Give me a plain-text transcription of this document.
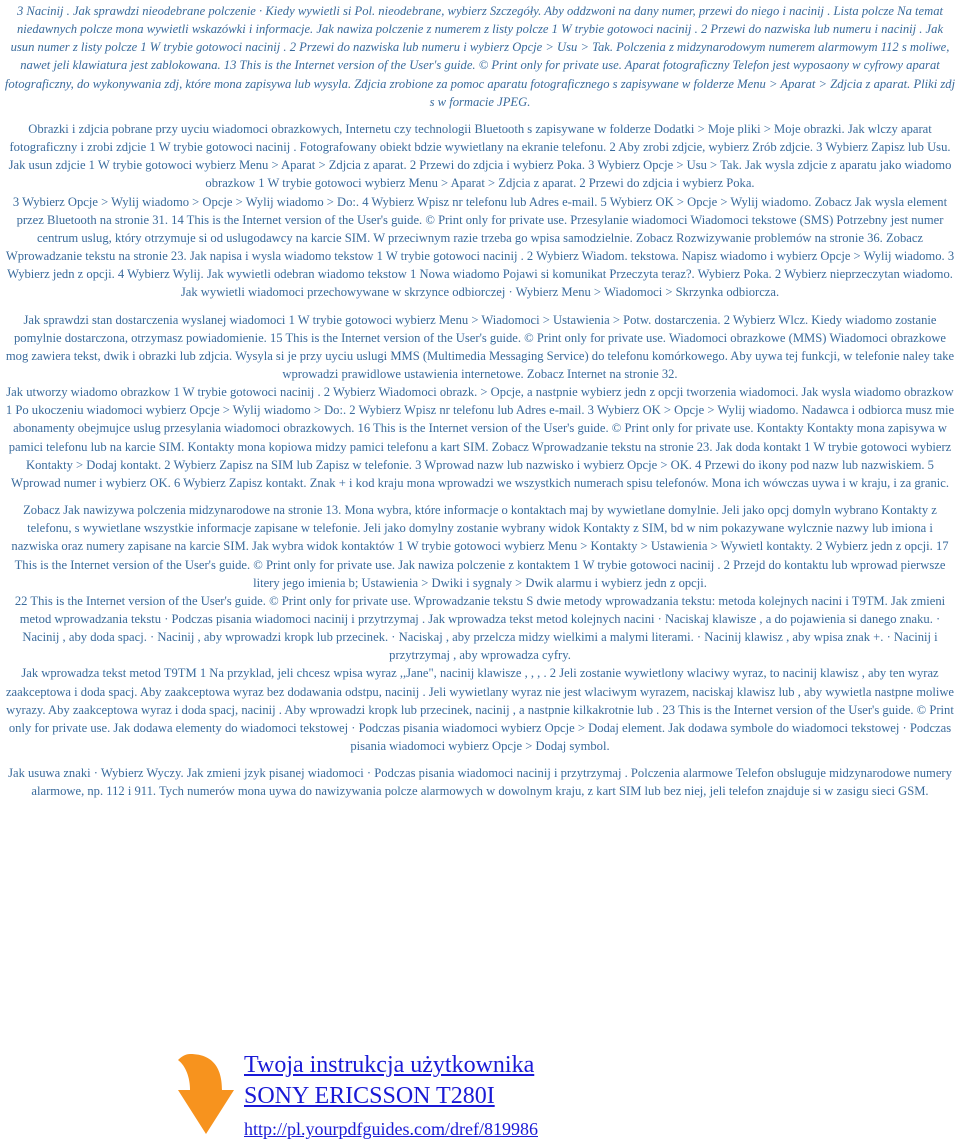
3 Nacinij . Jak sprawdzi nieodebrane polczenie · Kiedy wywietli si Pol. nieodebrane, wybierz Szczegóły. Aby oddzwoni na dany numer, przewi do niego i nacinij . Lista polcze Na temat niedawnych polcze mona wywietli wskazówki i informacje. Jak nawiza polczenie z numerem z listy polcze 1 W trybie gotowoci nacinij . 2 Przewi do nazwiska lub numeru i nacinij . Jak usun numer z listy polcze 1 W trybie gotowoci nacinij . 2 Przewi do nazwiska lub numeru i wybierz Opcje > Usu > Tak. Polczenia z midzynarodowym numerem alarmowym 112 s moliwe, nawet jeli klawiatura jest zablokowana. 13 This is the Internet version of the User's guide. © Print only for private use. Aparat fotograficzny Telefon jest wyposaony w cyfrowy aparat fotograficzny, do wykonywania zdj, które mona zapisywa lub wysyla. Zdjcia zrobione za pomoc aparatu fotograficznego s zapisywane w folderze Menu > Aparat > Zdjcia z aparat. Pliki zdj s w formacie JPEG.

Obrazki i zdjcia pobrane przy uyciu wiadomoci obrazkowych, Internetu czy technologii Bluetooth s zapisywane w folderze Dodatki > Moje pliki > Moje obrazki. Jak wlczy aparat fotograficzny i zrobi zdjcie 1 W trybie gotowoci nacinij . Fotografowany obiekt bdzie wywietlany na ekranie telefonu. 2 Aby zrobi zdjcie, wybierz Zrób zdjcie. 3 Wybierz Zapisz lub Usu. Jak usun zdjcie 1 W trybie gotowoci wybierz Menu > Aparat > Zdjcia z aparat. 2 Przewi do zdjcia i wybierz Poka. 3 Wybierz Opcje > Usu > Tak. Jak wysla zdjcie z aparatu jako wiadomo obrazkow 1 W trybie gotowoci wybierz Menu > Aparat > Zdjcia z aparat. 2 Przewi do zdjcia i wybierz Poka.

3 Wybierz Opcje > Wylij wiadomo > Opcje > Wylij wiadomo > Do:. 4 Wybierz Wpisz nr telefonu lub Adres e-mail. 5 Wybierz OK > Opcje > Wylij wiadomo. Zobacz Jak wysla element przez Bluetooth na stronie 31. 14 This is the Internet version of the User's guide. © Print only for private use. Przesylanie wiadomoci Wiadomoci tekstowe (SMS) Potrzebny jest numer centrum uslug, który otrzymuje si od uslugodawcy na karcie SIM. W przeciwnym razie trzeba go wpisa samodzielnie. Zobacz Rozwizywanie problemów na stronie 36. Zobacz Wprowadzanie tekstu na stronie 23. Jak napisa i wysla wiadomo tekstow 1 W trybie gotowoci nacinij . 2 Wybierz Wiadom. tekstowa. Napisz wiadomo i wybierz Opcje > Wylij wiadomo. 3 Wybierz jedn z opcji. 4 Wybierz Wylij. Jak wywietli odebran wiadomo tekstow 1 Nowa wiadomo Pojawi si komunikat Przeczyta teraz?. Wybierz Poka. 2 Wybierz nieprzeczytan wiadomo. Jak wywietli wiadomoci przechowywane w skrzynce odbiorczej · Wybierz Menu > Wiadomoci > Skrzynka odbiorcza.

Jak sprawdzi stan dostarczenia wyslanej wiadomoci 1 W trybie gotowoci wybierz Menu > Wiadomoci > Ustawienia > Potw. dostarczenia. 2 Wybierz Wlcz. Kiedy wiadomo zostanie pomylnie dostarczona, otrzymasz powiadomienie. 15 This is the Internet version of the User's guide. © Print only for private use. Wiadomoci obrazkowe (MMS) Wiadomoci obrazkowe mog zawiera tekst, dwik i obrazki lub zdjcia. Wysyla si je przy uyciu uslugi MMS (Multimedia Messaging Service) do telefonu komórkowego. Aby uywa tej funkcji, w telefonie naley take wprowadzi prawidlowe ustawienia internetowe. Zobacz Internet na stronie 32.

Jak utworzy wiadomo obrazkow 1 W trybie gotowoci nacinij . 2 Wybierz Wiadomoci obrazk. > Opcje, a nastpnie wybierz jedn z opcji tworzenia wiadomoci. Jak wysla wiadomo obrazkow 1 Po ukoczeniu wiadomoci wybierz Opcje > Wylij wiadomo > Do:. 2 Wybierz Wpisz nr telefonu lub Adres e-mail. 3 Wybierz OK > Opcje > Wylij wiadomo. Nadawca i odbiorca musz mie abonamenty obejmujce uslug przesylania wiadomoci obrazkowych. 16 This is the Internet version of the User's guide. © Print only for private use. Kontakty Kontakty mona zapisywa w pamici telefonu lub na karcie SIM. Kontakty mona kopiowa midzy pamici telefonu a kart SIM. Zobacz Wprowadzanie tekstu na stronie 23. Jak doda kontakt 1 W trybie gotowoci wybierz Kontakty > Dodaj kontakt. 2 Wybierz Zapisz na SIM lub Zapisz w telefonie. 3 Wprowad nazw lub nazwisko i wybierz Opcje > OK. 4 Przewi do ikony pod nazw lub nazwiskiem. 5 Wprowad numer i wybierz OK. 6 Wybierz Zapisz kontakt. Znak + i kod kraju mona wprowadzi we wszystkich numerach spisu telefonów. Mona ich wówczas uywa i w kraju, i za granic.

Zobacz Jak nawizywa polczenia midzynarodowe na stronie 13. Mona wybra, które informacje o kontaktach maj by wywietlane domylnie. Jeli jako opcj domyln wybrano Kontakty z telefonu, s wywietlane wszystkie informacje zapisane w telefonie. Jeli jako domylny zostanie wybrany widok Kontakty z SIM, bd w nim pokazywane wylcznie nazwy lub imiona i nazwiska oraz numery zapisane na karcie SIM. Jak wybra widok kontaktów 1 W trybie gotowoci wybierz Menu > Kontakty > Ustawienia > Wywietl kontakty. 2 Wybierz jedn z opcji. 17 This is the Internet version of the User's guide. © Print only for private use. Jak nawiza polczenie z kontaktem 1 W trybie gotowoci nacinij . 2 Przejd do kontaktu lub wprowad pierwsze litery jego imienia b; Ustawienia > Dwiki i sygnaly > Dwik alarmu i wybierz jedn z opcji.

22 This is the Internet version of the User's guide. © Print only for private use. Wprowadzanie tekstu S dwie metody wprowadzania tekstu: metoda kolejnych nacini i T9TM. Jak zmieni metod wprowadzania tekstu · Podczas pisania wiadomoci nacinij i przytrzymaj . Jak wprowadza tekst metod kolejnych nacini · Naciskaj klawisze , a do pojawienia si danego znaku. · Nacinij , aby doda spacj. · Nacinij , aby wprowadzi kropk lub przecinek. · Naciskaj , aby przelcza midzy wielkimi a malymi literami. · Nacinij klawisz , aby wpisa znak +. · Nacinij i przytrzymaj , aby wprowadza cyfry.

Jak wprowadza tekst metod T9TM 1 Na przyklad, jeli chcesz wpisa wyraz ,,Jane", nacinij klawisze , , , . 2 Jeli zostanie wywietlony wlaciwy wyraz, to nacinij klawisz , aby ten wyraz zaakceptowa i doda spacj. Aby zaakceptowa wyraz bez dodawania odstpu, nacinij . Jeli wywietlany wyraz nie jest wlaciwym wyrazem, naciskaj klawisz lub , aby wywietla nastpne moliwe wyrazy. Aby zaakceptowa wyraz i doda spacj, nacinij . Aby wprowadzi kropk lub przecinek, nacinij , a nastpnie kilkakrotnie lub . 23 This is the Internet version of the User's guide. © Print only for private use. Jak dodawa elementy do wiadomoci tekstowej · Podczas pisania wiadomoci wybierz Opcje > Dodaj element. Jak dodawa symbole do wiadomoci tekstowej · Podczas pisania wiadomoci wybierz Opcje > Dodaj symbol.

Jak usuwa znaki · Wybierz Wyczy. Jak zmieni jzyk pisanej wiadomoci · Podczas pisania wiadomoci nacinij i przytrzymaj . Polczenia alarmowe Telefon obsluguje midzynarodowe numery alarmowe, np. 112 i 911. Tych numerów mona uywa do nawizywania polcze alarmowych w dowolnym kraju, z kart SIM lub bez niej, jeli telefon znajduje si w zasigu sieci GSM.

Twoja instrukcja użytkownika
SONY ERICSSON T280I
http://pl.yourpdfguides.com/dref/819986
